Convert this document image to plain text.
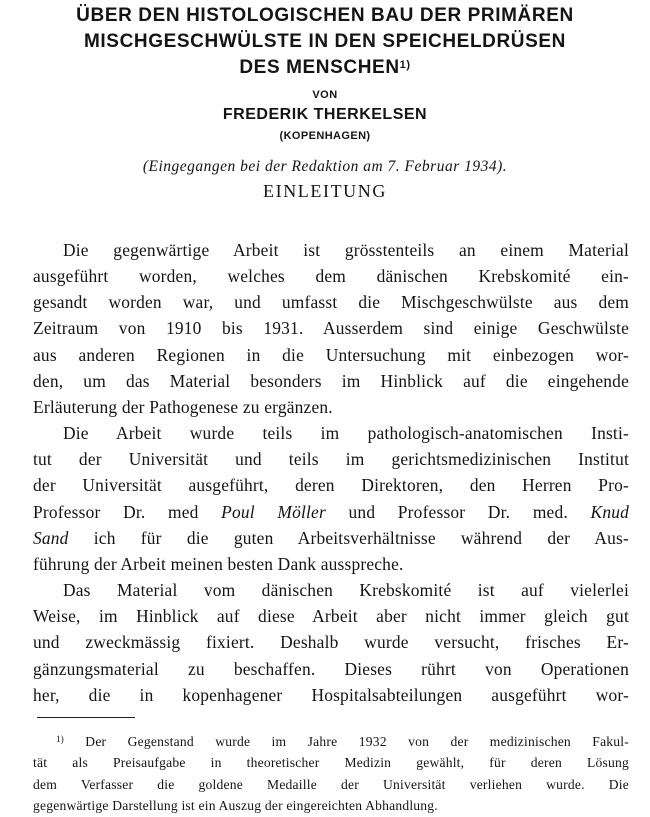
ÜBER DEN HISTOLOGISCHEN BAU DER PRIMÄREN
MISCHGESCHWÜLSTE IN DEN SPEICHELDRÜSEN
DES MENSCHEN$^{1)}$
VON
FREDERIK THERKELSEN
(KOPENHAGEN)
(Eingegangen bei der Redaktion am 7. Februar 1934).
EINLEITUNG
Die gegenwärtige Arbeit ist grösstenteils an einem Material
ausgeführt worden, welches dem dänischen Krebskomité ein-
gesandt worden war, und umfasst die Mischgeschwülste aus dem
Zeitraum von 1910 bis 1931. Ausserdem sind einige Geschwülste
aus anderen Regionen in die Untersuchung mit einbezogen wor-
den, um das Material besonders im Hinblick auf die eingehende
Erläuterung der Pathogenese zu ergänzen.
Die Arbeit wurde teils im pathologisch-anatomischen Insti-
tut der Universität und teils im gerichtsmedizinischen Institut
der Universität ausgeführt, deren Direktoren, den Herren Pro-
Professor Dr. med Poul Möller und Professor Dr. med. Knud
Sand ich für die guten Arbeitsverhältnisse während der Aus-
führung der Arbeit meinen besten Dank ausspreche.
Das Material vom dänischen Krebskomité ist auf vielerlei
Weise, im Hinblick auf diese Arbeit aber nicht immer gleich gut
und zweckmässig fixiert. Deshalb wurde versucht, frisches Er-
gänzungsmaterial zu beschaffen. Dieses rührt von Operationen
her, die in kopenhagener Hospitalsabteilungen ausgeführt wor-
$^{1)}$ Der Gegenstand wurde im Jahre 1932 von der medizinischen Fakul-
tät als Preisaufgabe in theoretischer Medizin gewählt, für deren Lösung
dem Verfasser die goldene Medaille der Universität verliehen wurde. Die
gegenwärtige Darstellung ist ein Auszug der eingereichten Abhandlung.
